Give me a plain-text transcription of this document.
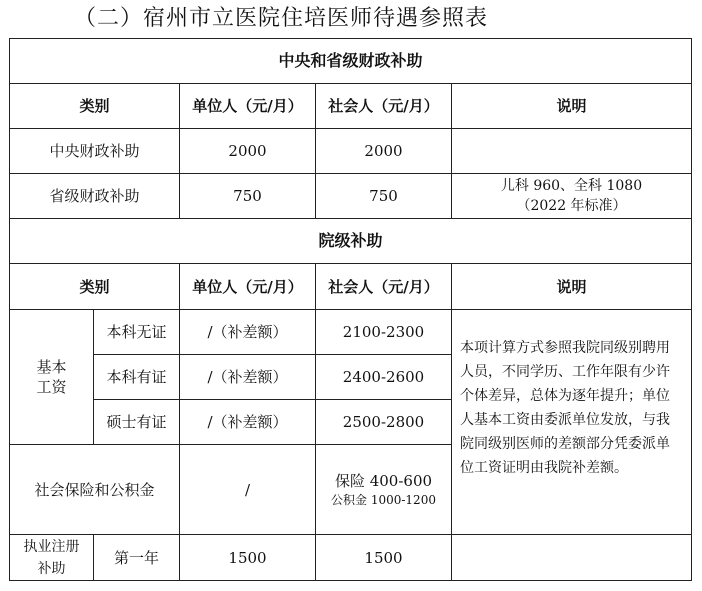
（二）宿州市立医院住培医师待遇参照表
中央和省级财政补助				
类别		单位人（元/月）	社会人（元/月）	说明
中央财政补助		2000	2000	

省级财政补助		750	750	儿科 960、全科 1080
（2022 年标准）

院级补助				
类别		单位人（元/月）	社会人（元/月）	说明

基本
工资	本科无证	/（补差额）	2100-2300	本项计算方式参照我院同级别聘用人员，不同学历、工作年限有少许个体差异，总体为逐年提升；单位人基本工资由委派单位发放，与我院同级别医师的差额部分凭委派单位工资证明由我院补差额。
	本科有证	/（补差额）	2400-2600	
	硕士有证	/（补差额）	2500-2800	
社会保险和公积金		/	保险 400-600
公积金 1000-1200	

执业注册
补助	第一年	1500	1500	
